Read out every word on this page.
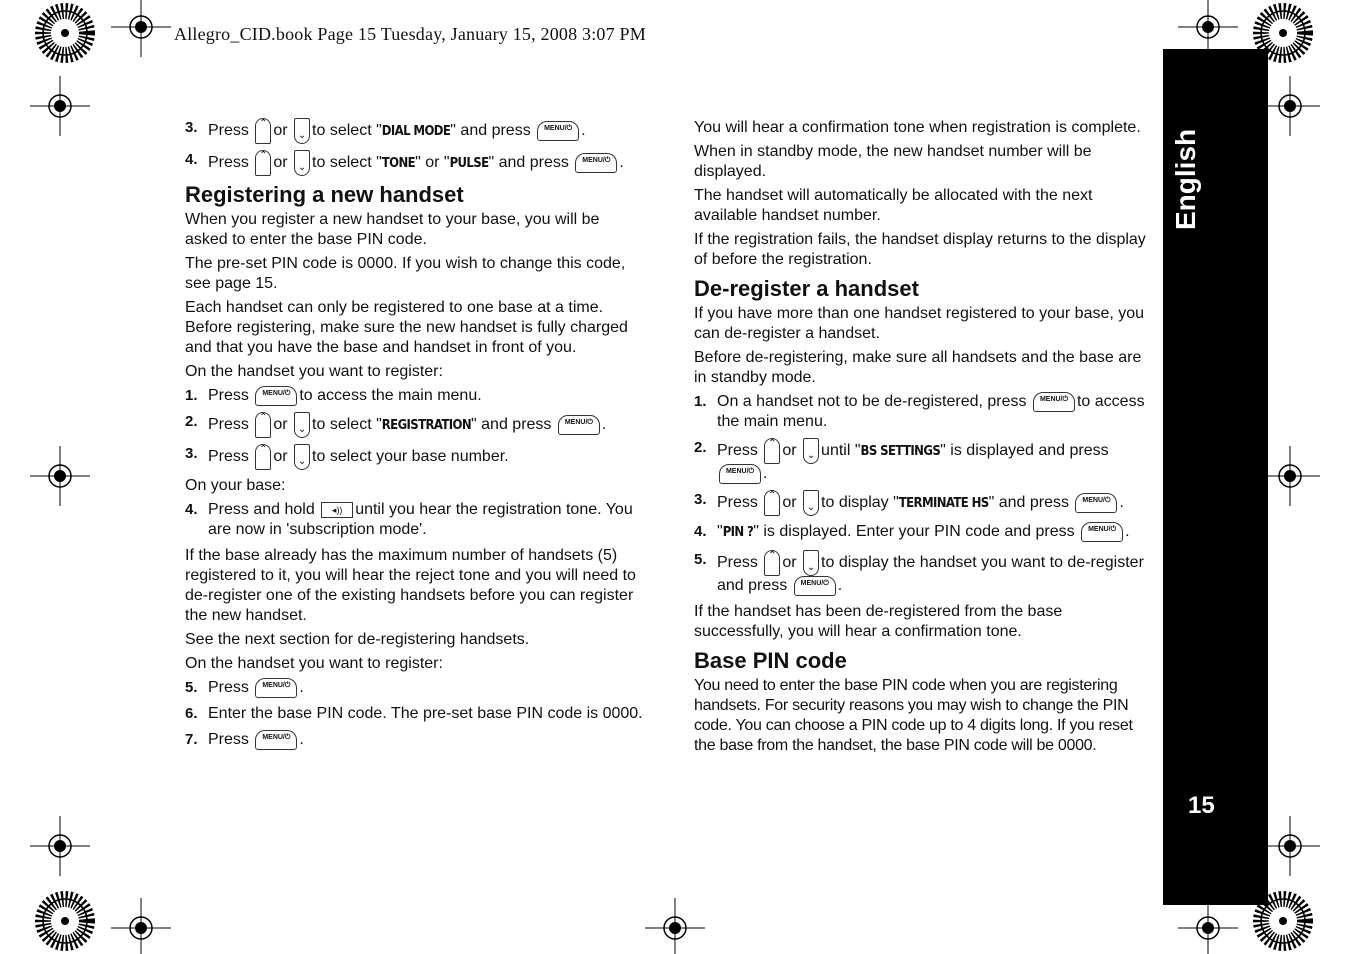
Allegro_CID.book Page 15 Tuesday, January 15, 2008 3:07 PM
English
15
3. Press ⌃ or ⌄ to select "DIAL MODE" and press MENU/⏻ .
4. Press ⌃ or ⌄ to select "TONE" or "PULSE" and press MENU/⏻ .
Registering a new handset

When you register a new handset to your base, you will be asked to enter the base PIN code.

The pre-set PIN code is 0000. If you wish to change this code, see page 15.

Each handset can only be registered to one base at a time. Before registering, make sure the new handset is fully charged and that you have the base and handset in front of you.

On the handset you want to register:

1. Press MENU/⏻ to access the main menu.
2. Press ⌃ or ⌄ to select "REGISTRATION" and press MENU/⏻ .
3. Press ⌃ or ⌄ to select your base number.

On your base:

4. Press and hold ◂)) until you hear the registration tone. You are now in 'subscription mode'.

If the base already has the maximum number of handsets (5) registered to it, you will hear the reject tone and you will need to de-register one of the existing handsets before you can register the new handset.

See the next section for de-registering handsets.

On the handset you want to register:

5. Press MENU/⏻ .
6. Enter the base PIN code. The pre-set base PIN code is 0000.
7. Press MENU/⏻ .

You will hear a confirmation tone when registration is complete.

When in standby mode, the new handset number will be displayed.

The handset will automatically be allocated with the next available handset number.

If the registration fails, the handset display returns to the display of before the registration.

De-register a handset

If you have more than one handset registered to your base, you can de-register a handset.

Before de-registering, make sure all handsets and the base are in standby mode.

1. On a handset not to be de-registered, press MENU/⏻ to access the main menu.
2. Press ⌃ or ⌄ until "BS SETTINGS" is displayed and press MENU/⏻ .
3. Press ⌃ or ⌄ to display "TERMINATE HS" and press MENU/⏻ .
4. "PIN ?" is displayed. Enter your PIN code and press MENU/⏻ .
5. Press ⌃ or ⌄ to display the handset you want to de-register and press MENU/⏻ .

If the handset has been de-registered from the base successfully, you will hear a confirmation tone.

Base PIN code

You need to enter the base PIN code when you are registering handsets. For security reasons you may wish to change the PIN code. You can choose a PIN code up to 4 digits long. If you reset the base from the handset, the base PIN code will be 0000.
